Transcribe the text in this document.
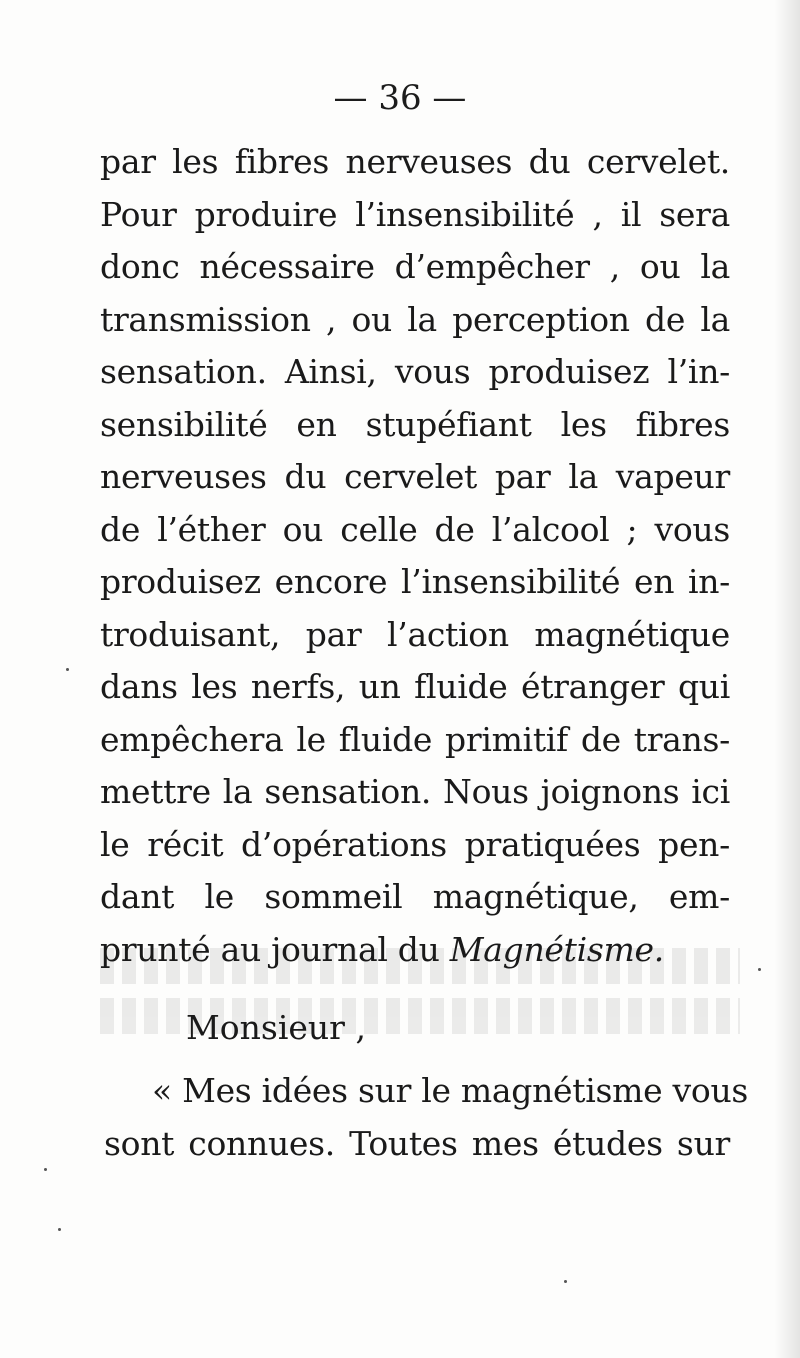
— 36 —
par les fibres nerveuses du cervelet.
Pour produire l’insensibilité , il sera
donc nécessaire d’empêcher , ou la
transmission , ou la perception de la
sensation. Ainsi, vous produisez l’in-
sensibilité en stupéfiant les fibres
nerveuses du cervelet par la vapeur
de l’éther ou celle de l’alcool ; vous
produisez encore l’insensibilité en in-
troduisant, par l’action magnétique
dans les nerfs, un fluide étranger qui
empêchera le fluide primitif de trans-
mettre la sensation. Nous joignons ici
le récit d’opérations pratiquées pen-
dant le sommeil magnétique, em-
prunté au journal du Magnétisme.
Monsieur ,
« Mes idées sur le magnétisme vous
sont connues. Toutes mes études sur
